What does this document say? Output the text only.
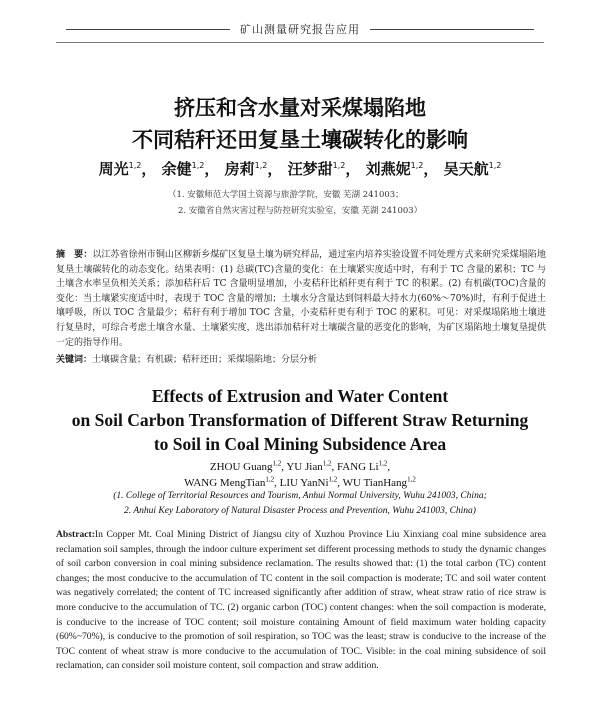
矿山测量研究报告应用
挤压和含水量对采煤塌陷地
不同秸秆还田复垦土壤碳转化的影响
周光$^{1,2}$， 余健$^{1,2}$， 房莉$^{1,2}$， 汪梦甜$^{1,2}$， 刘燕妮$^{1,2}$， 吴天航$^{1,2}$
（1. 安徽师范大学国土资源与旅游学院，安徽 芜湖 241003；
2. 安徽省自然灾害过程与防控研究实验室，安徽 芜湖 241003）
摘　要：以江苏省徐州市铜山区柳新乡煤矿区复垦土壤为研究样品，通过室内培养实验设置不同处理方式来研究采煤塌陷地复垦土壤碳转化的动态变化。结果表明：(1) 总碳(TC)含量的变化：在土壤紧实度适中时，有利于 TC 含量的累积；TC 与土壤含水率呈负相关关系；添加秸秆后 TC 含量明显增加，小麦秸秆比稻秆更有利于 TC 的积累。(2) 有机碳(TOC)含量的变化：当土壤紧实度适中时，表现于 TOC 含量的增加；土壤水分含量达到饲料最大持水力(60%～70%)时，有利于促进土壤呼吸，所以 TOC 含量最少；秸秆有利于增加 TOC 含量，小麦秸秆更有利于 TOC 的累积。可见：对采煤塌陷地土壤进行复垦时，可综合考虑土壤含水量、土壤紧实度，选出添加秸秆对土壤碳含量的恶变化的影响，为矿区塌陷地土壤复垦提供一定的指导作用。
关键词：土壤碳含量；有机碳；秸秆还田；采煤塌陷地；分层分析
Effects of Extrusion and Water Content
on Soil Carbon Transformation of Different Straw Returning
to Soil in Coal Mining Subsidence Area
ZHOU Guang$^{1,2}$, YU Jian$^{1,2}$, FANG Li$^{1,2}$,
WANG MengTian$^{1,2}$, LIU YanNi$^{1,2}$, WU TianHang$^{1,2}$
(1. College of Territorial Resources and Tourism, Anhui Normal University, Wuhu 241003, China;
2. Anhui Key Laboratory of Natural Disaster Process and Prevention, Wuhu 241003, China)
Abstract:In Copper Mt. Coal Mining District of Jiangsu city of Xuzhou Province Liu Xinxiang coal mine subsidence area reclamation soil samples, through the indoor culture experiment set different processing methods to study the dynamic changes of soil carbon conversion in coal mining subsidence reclamation. The results showed that: (1) the total carbon (TC) content changes; the most conducive to the accumulation of TC content in the soil compaction is moderate; TC and soil water content was negatively correlated; the content of TC increased significantly after addition of straw, wheat straw ratio of rice straw is more conducive to the accumulation of TC. (2) organic carbon (TOC) content changes: when the soil compaction is moderate, is conducive to the increase of TOC content; soil moisture containing Amount of field maximum water holding capacity (60%~70%), is conducive to the promotion of soil respiration, so TOC was the least; straw is conducive to the increase of the TOC content of wheat straw is more conducive to the accumulation of TOC. Visible: in the coal mining subsidence of soil reclamation, can consider soil moisture content, soil compaction and straw addition.
